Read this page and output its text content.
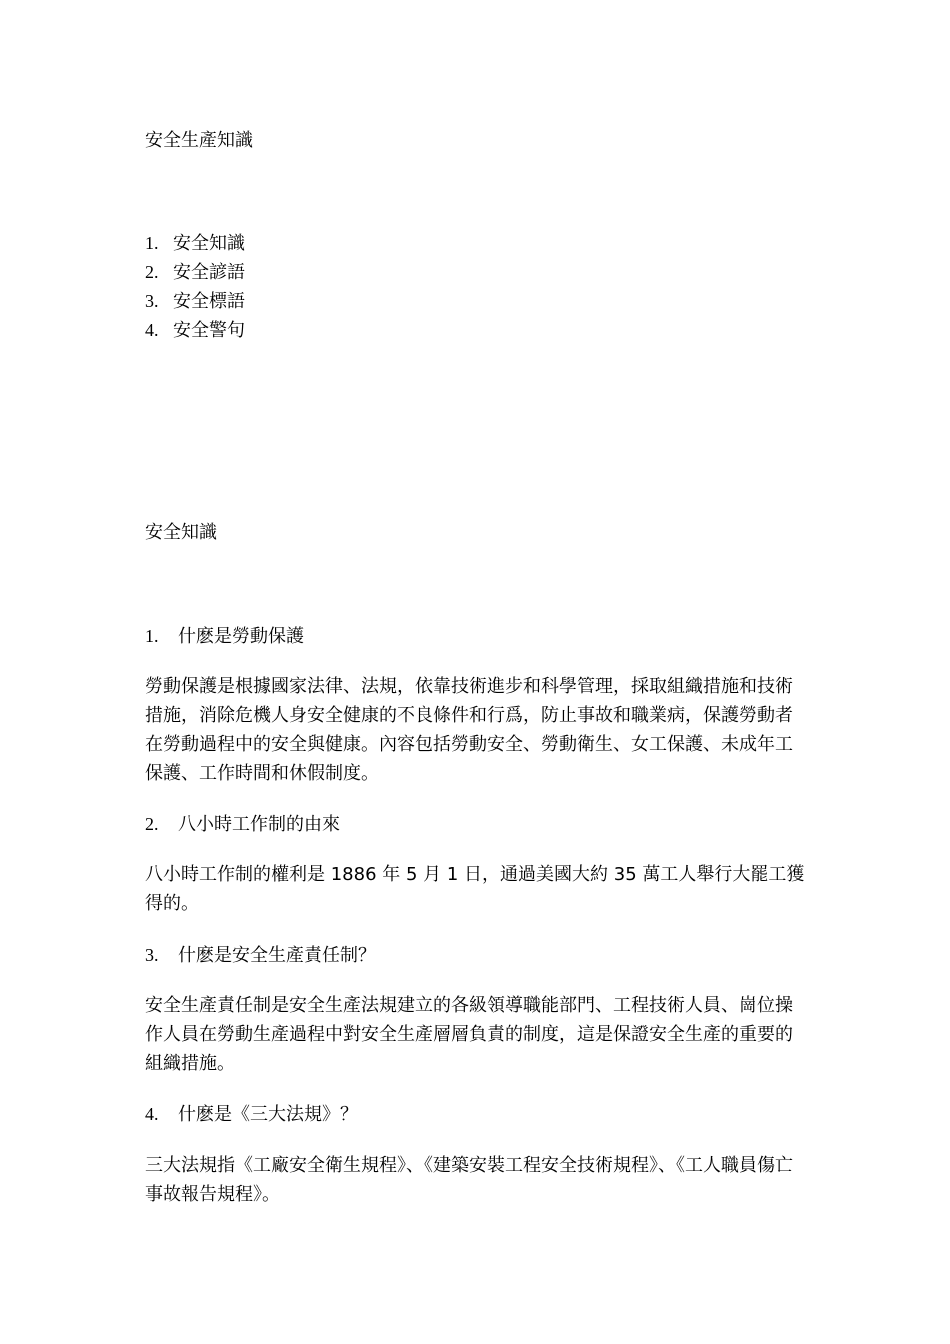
安全生產知識
1. 安全知識
2. 安全諺語
3. 安全標語
4. 安全警句
安全知識
1. 什麽是勞動保護

勞動保護是根據國家法律、法規，依靠技術進步和科學管理，採取組織措施和技術措施，消除危機人身安全健康的不良條件和行爲，防止事故和職業病，保護勞動者在勞動過程中的安全與健康。內容包括勞動安全、勞動衛生、女工保護、未成年工保護、工作時間和休假制度。

2. 八小時工作制的由來

八小時工作制的權利是 1886 年 5 月 1 日，通過美國大約 35 萬工人舉行大罷工獲得的。

3. 什麽是安全生產責任制？

安全生產責任制是安全生產法規建立的各級領導職能部門、工程技術人員、崗位操作人員在勞動生產過程中對安全生產層層負責的制度，這是保證安全生產的重要的組織措施。

4. 什麽是《三大法規》？

三大法規指《工廠安全衛生規程》、《建築安裝工程安全技術規程》、《工人職員傷亡事故報告規程》。
